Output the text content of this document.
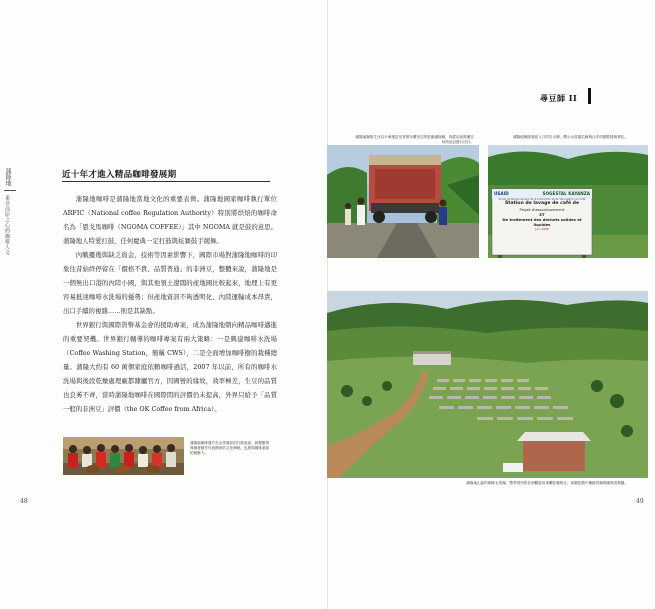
蒲隆地
東非高原之心的咖啡人文
近十年才進入精品咖啡發展期

蒲隆地咖啡是蒲隆地當地文化的重要表徵。蒲隆地國家咖啡執行單位 ARFIC（National coffee Regulation Authority）特別將烘焙的咖啡命名為「恩戈馬咖啡（NGOMA COFFEE）」其中 NGOMA 就是鼓的意思。蒲隆地人特愛打鼓，任何慶典一定打鼓與炫賽鼓手競舞。

內戰擾幾與缺乏資金、技術等因素影響下，國際市場對蒲隆地咖啡的印象往昔始終停留在「價格不貴、品質普通」的非洲豆，整體來說，蒲隆地是一個無出口港的內陸小國，與其他領土遼闊的產地國比較起來，地理上有更容易抵達咖啡水洗場的優勢；但產地資訊不夠透明化、內陸運輸成本昂貴，出口手續的複雜……則是其缺點。

世界銀行與國際貨幣基金會的援助專案，成為蒲隆地朝向精品咖啡邁進的重要契機。世界銀行輔導的咖啡專案有兩大策略：一是興建咖啡水洗場（Coffee Washing Station，簡稱 CWS），二是全面增加咖啡樹的栽種總量。蒲隆大約有 60 萬個家庭依賴咖啡過活，2007 年以前，所有的咖啡水洗場與後段乾燥處理廠都隸屬官方，因國營的緣故，效率極差，生豆的品質也良莠不齊，當時蒲隆地咖啡在國際間的評價仍未提高，外界只給予「品質一般的非洲豆」評價（the OK Coffee from Africa）。

蒲隆地咖啡農戶在水洗場前的打鼓表演，鼓聲節奏與舞者動作代表國家的文化傳統，也展現咖啡產區的凝聚力。
48
尋豆師 II
蒲隆地咖啡生豆以卡車運送至首都布瓊布拉的乾燥處理廠，再經由陸路運往坦尚尼亞港口出口。
蒲隆地咖啡產區入口的告示牌，標示水洗場名稱與合作的國際援助單位。
USAID	SOGESTAL KAYANZA
Projet de Renforcement de la Production et de Valorisation du Café
Station de lavage de café de
Projet d'assainissement
ET
De traitement des déchets solides et liquides
Juin 2008
蒲隆地山區的咖啡水洗場，整齊排列的非洲棚架用來曬乾咖啡豆，周圍是農戶種植的咖啡園與香蕉園。
49
